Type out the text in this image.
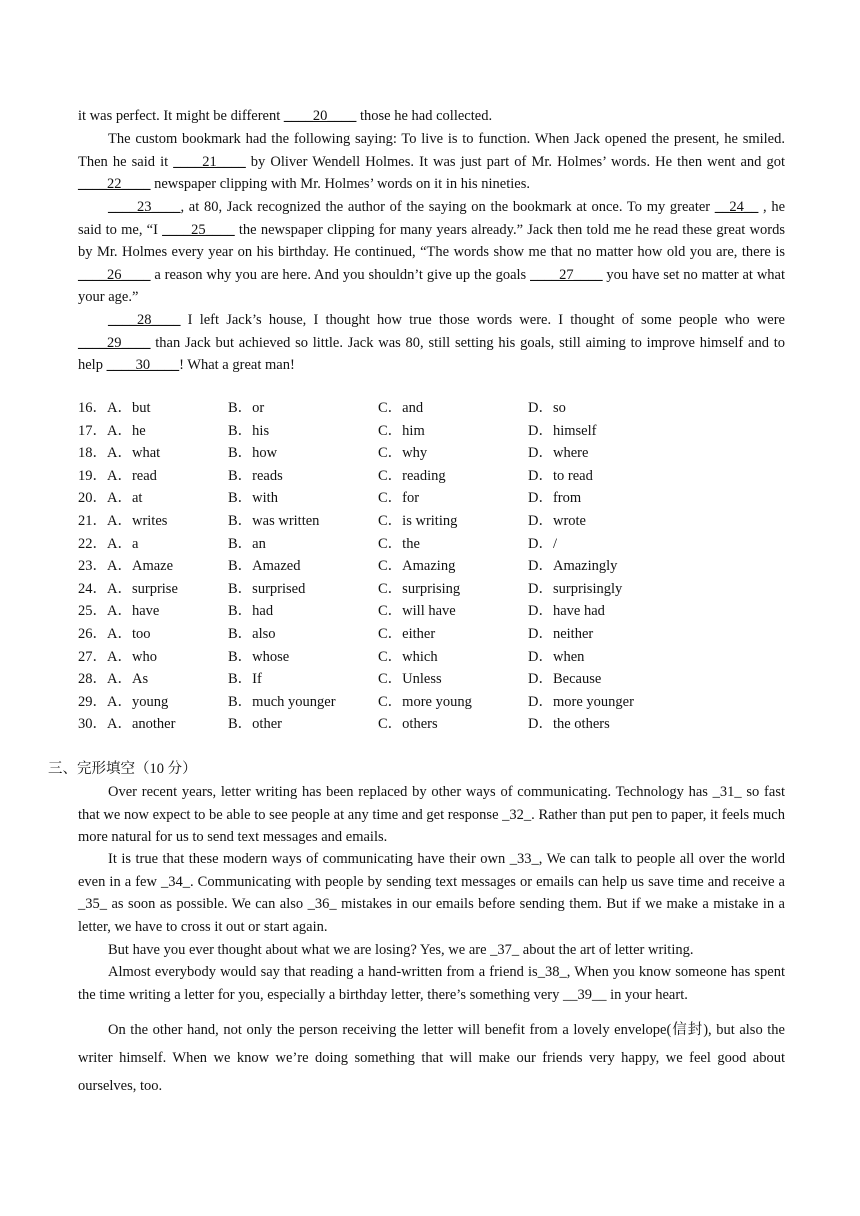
it was perfect. It might be different ____20____ those he had collected.

The custom bookmark had the following saying: To live is to function. When Jack opened the present, he smiled. Then he said it ____21____ by Oliver Wendell Holmes. It was just part of Mr. Holmes’ words. He then went and got ____22____ newspaper clipping with Mr. Holmes’ words on it in his nineties.

____23____, at 80, Jack recognized the author of the saying on the bookmark at once. To my greater __24__ , he said to me, “I ____25____ the newspaper clipping for many years already.” Jack then told me he read these great words by Mr. Holmes every year on his birthday. He continued, “The words show me that no matter how old you are, there is ____26____ a reason why you are here. And you shouldn’t give up the goals ____27____ you have set no matter at what your age.”

____28____ I left Jack’s house, I thought how true those words were. I thought of some people who were ____29____ than Jack but achieved so little. Jack was 80, still setting his goals, still aiming to improve himself and to help ____30____! What a great man!

16．A．but	B．or	C．and	D．so
17．A．he	B．his	C．him	D．himself
18．A．what	B．how	C．why	D．where
19．A．read	B．reads	C．reading	D．to read
20．A．at	B．with	C．for	D．from
21．A．writes	B．was written	C．is writing	D．wrote
22．A．a	B．an	C．the	D．/
23．A．Amaze	B．Amazed	C．Amazing	D．Amazingly
24．A．surprise	B．surprised	C．surprising	D．surprisingly
25．A．have	B．had	C．will have	D．have had
26．A．too	B．also	C．either	D．neither
27．A．who	B．whose	C．which	D．when
28．A．As	B．If	C．Unless	D．Because
29．A．young	B．much younger	C．more young	D．more younger
30．A．another	B．other	C．others	D．the others

三、完形填空（10 分）

Over recent years, letter writing has been replaced by other ways of communicating. Technology has _31_ so fast that we now expect to be able to see people at any time and get response _32_. Rather than put pen to paper, it feels much more natural for us to send text messages and emails.

It is true that these modern ways of communicating have their own _33_, We can talk to people all over the world even in a few _34_. Communicating with people by sending text messages or emails can help us save time and receive a _35_ as soon as possible. We can also _36_ mistakes in our emails before sending them. But if we make a mistake in a letter, we have to cross it out or start again.

But have you ever thought about what we are losing? Yes, we are _37_ about the art of letter writing.

Almost everybody would say that reading a hand-written from a friend is_38_, When you know someone has spent the time writing a letter for you, especially a birthday letter, there’s something very __39__ in your heart.

On the other hand, not only the person receiving the letter will benefit from a lovely envelope(信封), but also the writer himself. When we know we’re doing something that will make our friends very happy, we feel good about ourselves, too.
